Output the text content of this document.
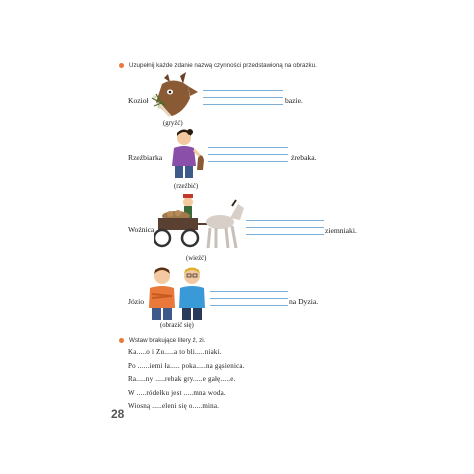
Uzupełnij każde zdanie nazwą czynności przedstawioną na obrazku.
Kozioł	bazie.
(gryźć)
Rzeźbiarka	źrebaka.
(rzeźbić)
Woźnica	ziemniaki.
(wieźć)
Józio	na Dyzia.
(obrazić się)
Wstaw brakujące litery ź, zi.
Ka.....o i Zu.....a to bli.....niaki.
Po ......iemi ła..... poka.....na gąsienica.
Ra.....ny .....rebak gry.....e gałę.....e.
W .....ródełku jest .....mna woda.
Wiosną .....eleni się o.....mina.
28
